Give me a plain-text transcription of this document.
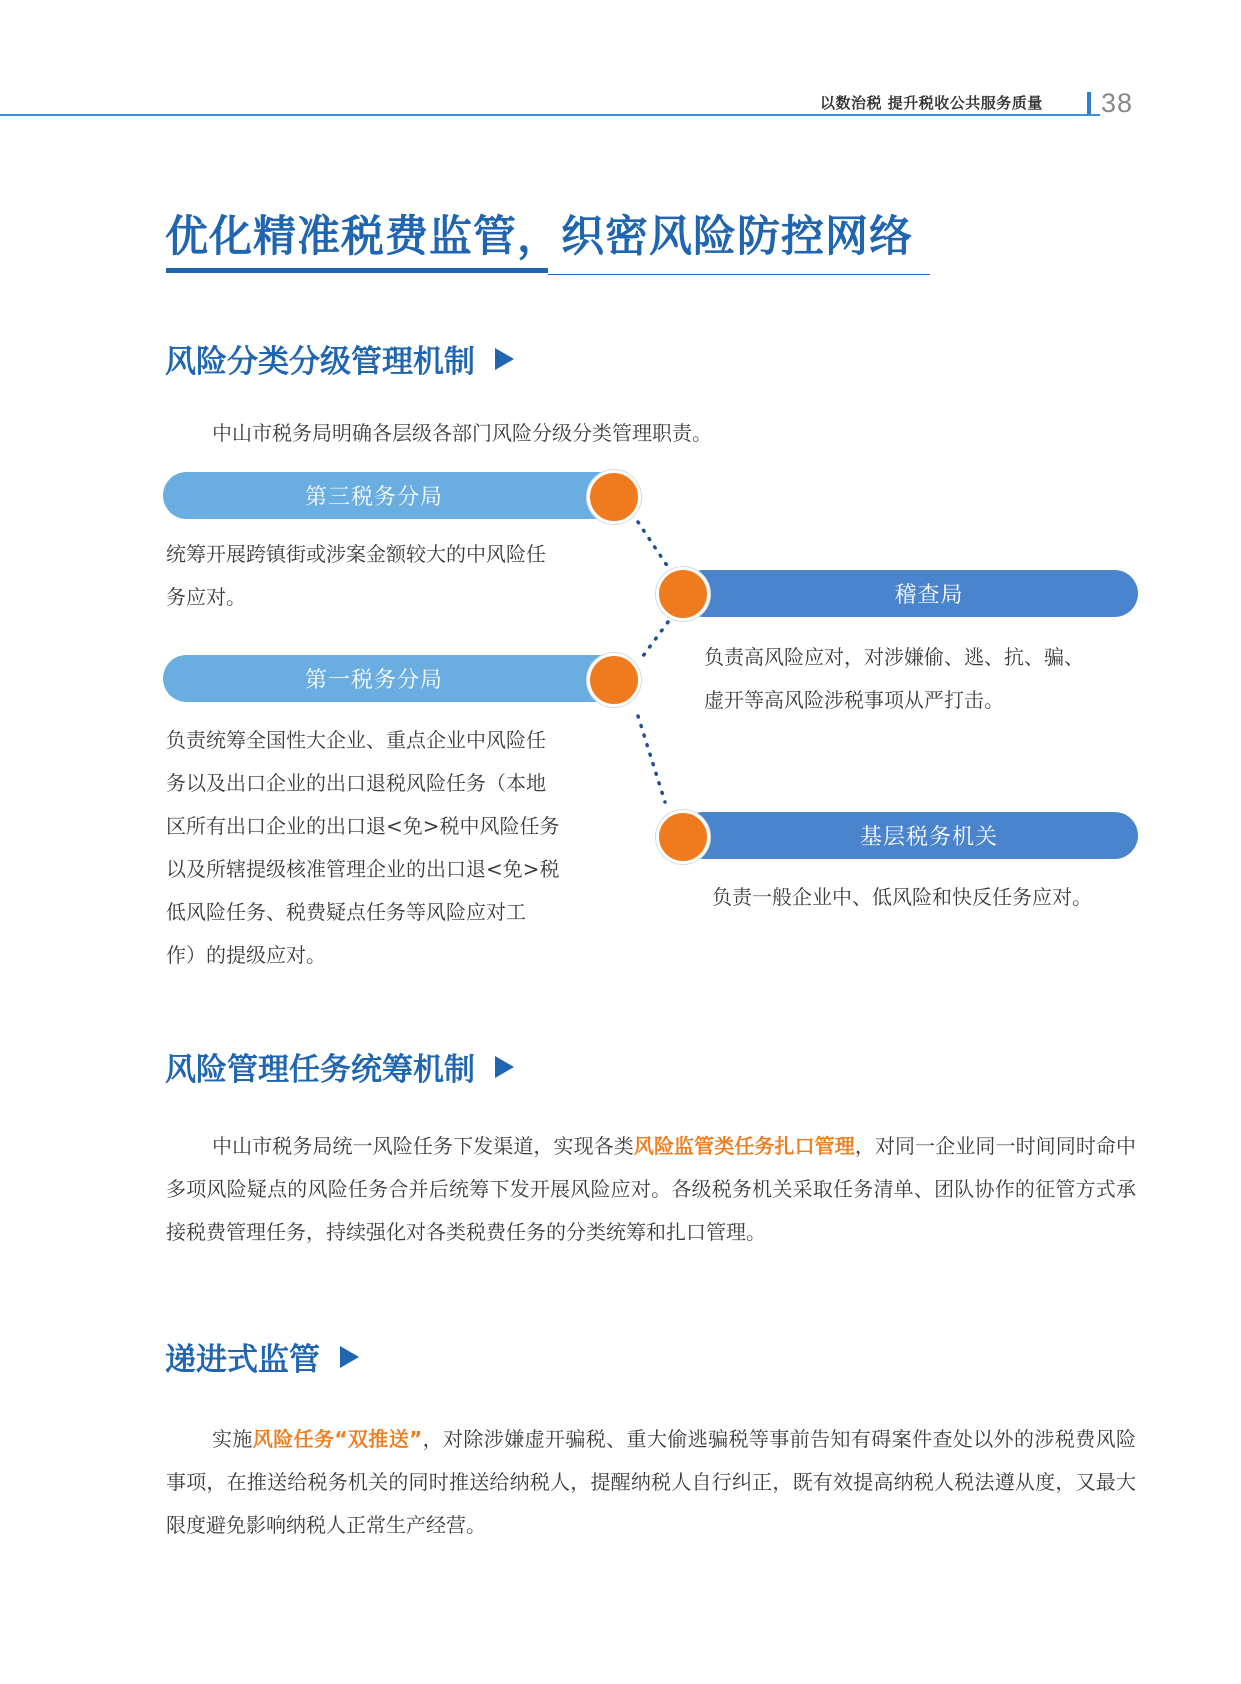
以数治税 提升税收公共服务质量 38
优化精准税费监管，织密风险防控网络
风险分类分级管理机制
中山市税务局明确各层级各部门风险分级分类管理职责。
第三税务分局
统筹开展跨镇街或涉案金额较大的中风险任
务应对。	稽查局
负责高风险应对，对涉嫌偷、逃、抗、骗、
虚开等高风险涉税事项从严打击。
第一税务分局
负责统筹全国性大企业、重点企业中风险任
务以及出口企业的出口退税风险任务（本地
区所有出口企业的出口退<免>税中风险任务
以及所辖提级核准管理企业的出口退<免>税
低风险任务、税费疑点任务等风险应对工
作）的提级应对。
基层税务机关
负责一般企业中、低风险和快反任务应对。
风险管理任务统筹机制
中山市税务局统一风险任务下发渠道，实现各类风险监管类任务扎口管理，对同一企业同一时间同时命中多项风险疑点的风险任务合并后统筹下发开展风险应对。各级税务机关采取任务清单、团队协作的征管方式承接税费管理任务，持续强化对各类税费任务的分类统筹和扎口管理。
递进式监管
实施风险任务“双推送”，对除涉嫌虚开骗税、重大偷逃骗税等事前告知有碍案件查处以外的涉税费风险事项，在推送给税务机关的同时推送给纳税人，提醒纳税人自行纠正，既有效提高纳税人税法遵从度，又最大限度避免影响纳税人正常生产经营。
